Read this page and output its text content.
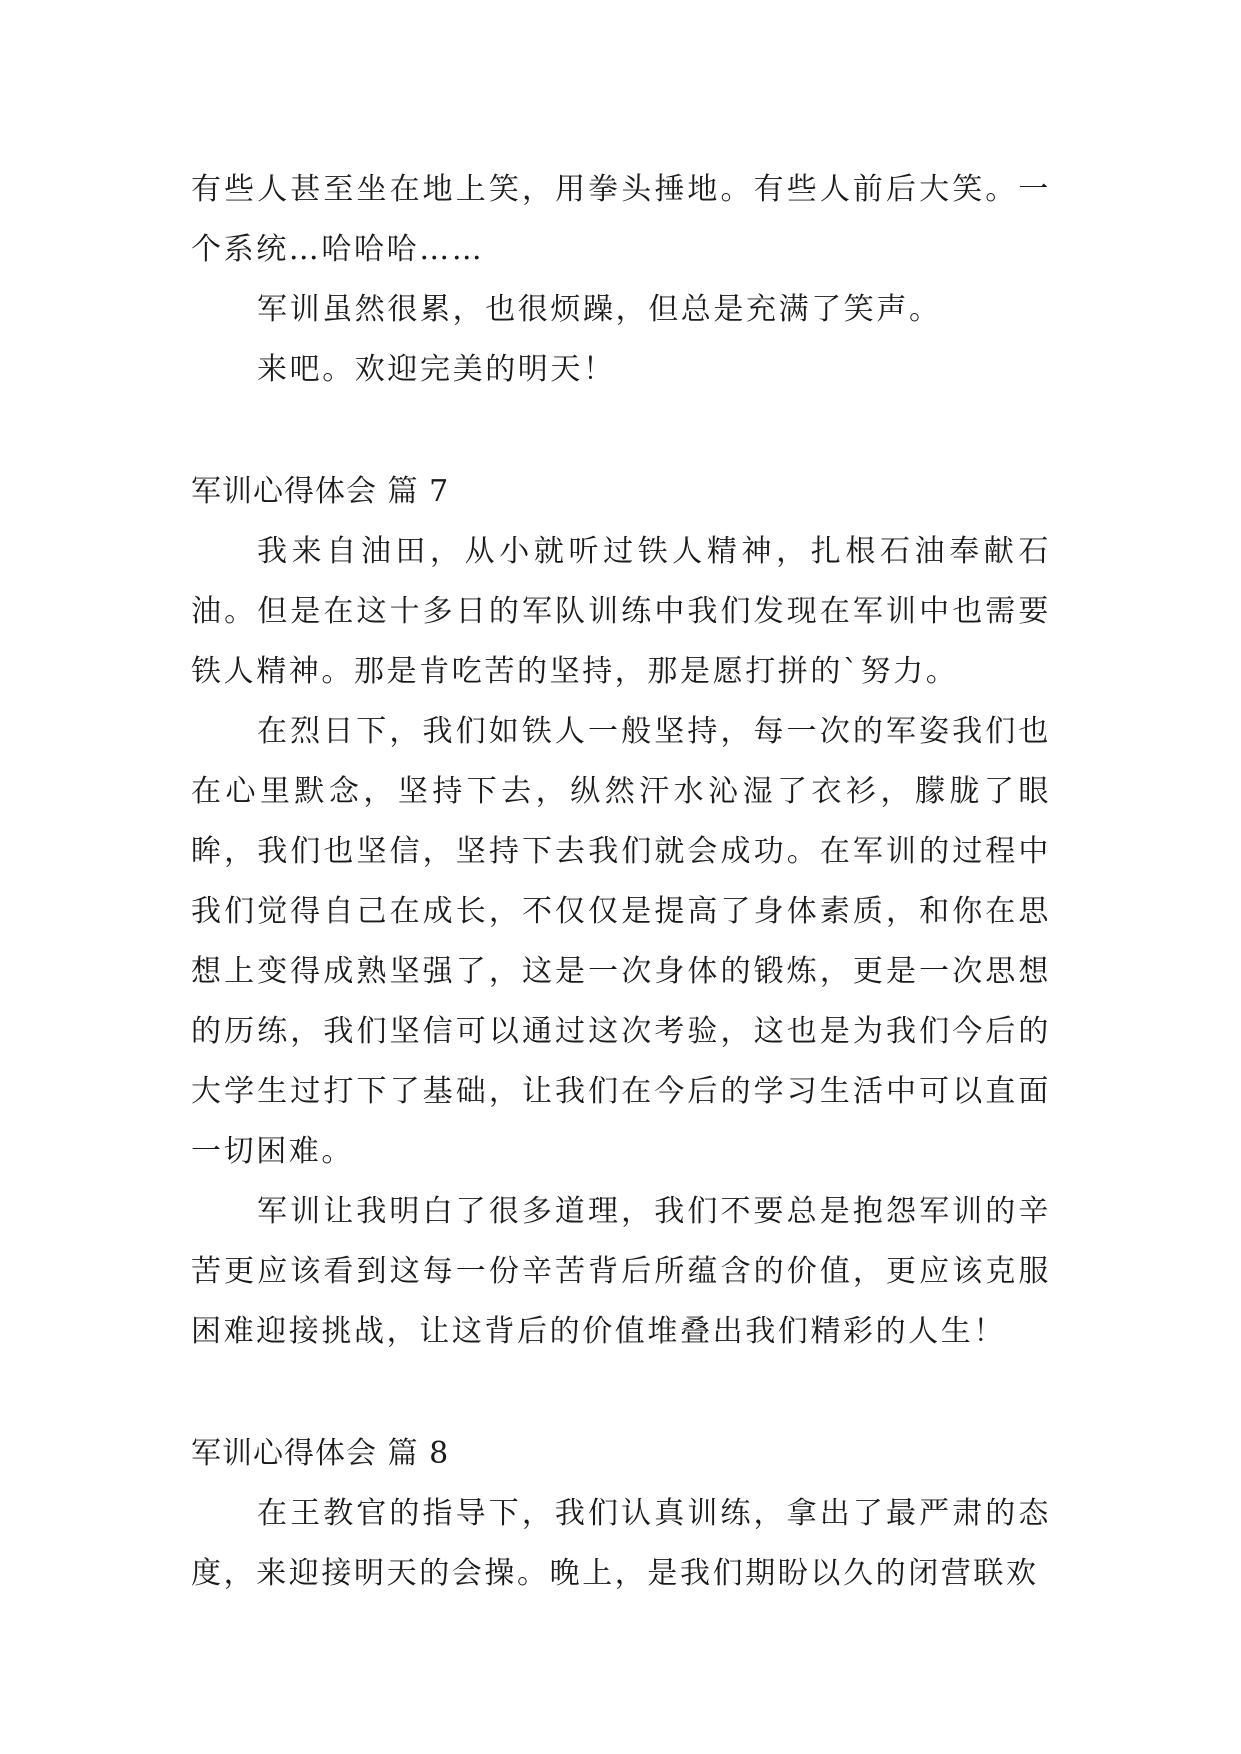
有些人甚至坐在地上笑，用拳头捶地。有些人前后大笑。一个系统…哈哈哈……

军训虽然很累，也很烦躁，但总是充满了笑声。

来吧。欢迎完美的明天！

军训心得体会 篇 7

我来自油田，从小就听过铁人精神，扎根石油奉献石油。但是在这十多日的军队训练中我们发现在军训中也需要铁人精神。那是肯吃苦的坚持，那是愿打拼的`努力。

在烈日下，我们如铁人一般坚持，每一次的军姿我们也在心里默念，坚持下去，纵然汗水沁湿了衣衫，朦胧了眼眸，我们也坚信，坚持下去我们就会成功。在军训的过程中我们觉得自己在成长，不仅仅是提高了身体素质，和你在思想上变得成熟坚强了，这是一次身体的锻炼，更是一次思想的历练，我们坚信可以通过这次考验，这也是为我们今后的大学生过打下了基础，让我们在今后的学习生活中可以直面一切困难。

军训让我明白了很多道理，我们不要总是抱怨军训的辛苦更应该看到这每一份辛苦背后所蕴含的价值，更应该克服困难迎接挑战，让这背后的价值堆叠出我们精彩的人生！

军训心得体会 篇 8

在王教官的指导下，我们认真训练，拿出了最严肃的态度，来迎接明天的会操。晚上，是我们期盼以久的闭营联欢
